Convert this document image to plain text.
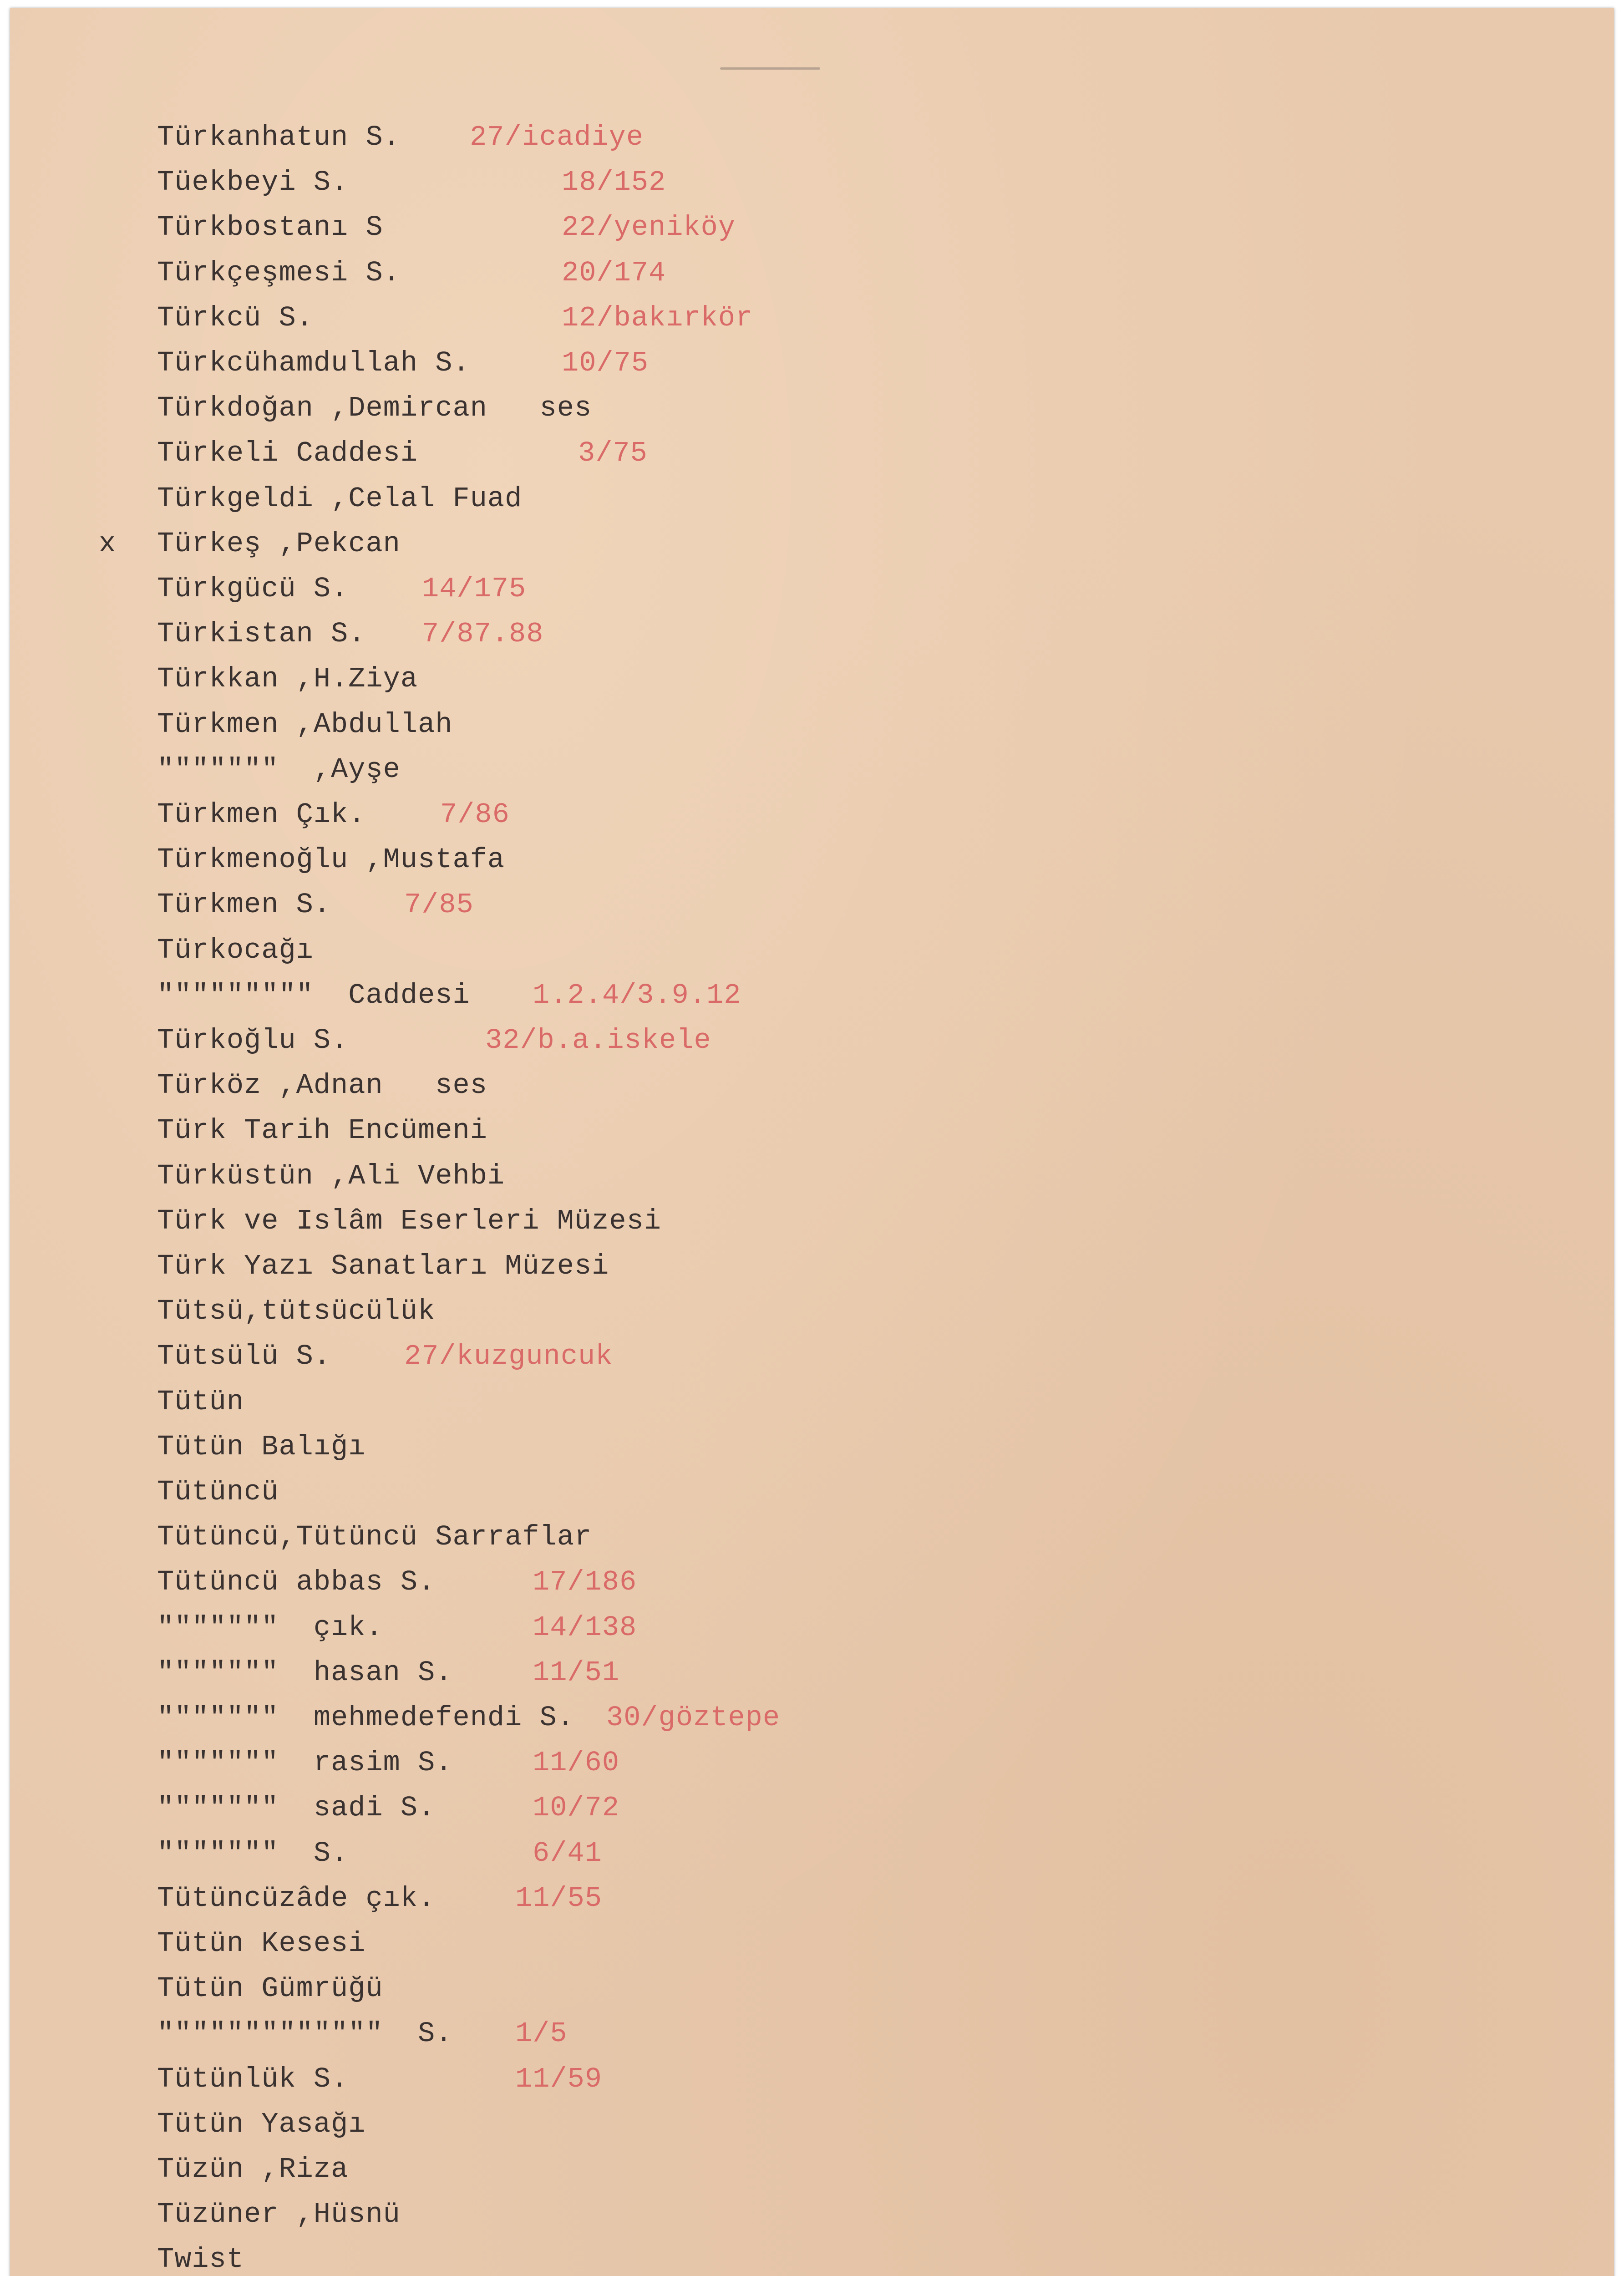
Türkanhatun S. 27/icadiye
Tüekbeyi S.	18/152
Türkbostanı S	22/yeniköy
Türkçeşmesi S.	20/174
Türkcü S.	12/bakırkör
Türkcühamdullah S.	10/75
Türkdoğan ,Demircan   ses
Türkeli Caddesi	3/75
Türkgeldi ,Celal Fuad
x Türkeş ,Pekcan
Türkgücü S.	14/175
Türkistan S. 7/87.88
Türkkan ,H.Ziya
Türkmen ,Abdullah
"""""""  ,Ayşe
Türkmen Çık.	7/86
Türkmenoğlu ,Mustafa
Türkmen S.	7/85
Türkocağı
"""""""""  Caddesi 1.2.4/3.9.12
Türkoğlu S.	32/b.a.iskele
Türköz ,Adnan   ses
Türk Tarih Encümeni
Türküstün ,Ali Vehbi
Türk ve Islâm Eserleri Müzesi
Türk Yazı Sanatları Müzesi
Tütsü,tütsücülük
Tütsülü S.	27/kuzguncuk
Tütün
Tütün Balığı
Tütüncü
Tütüncü,Tütüncü Sarraflar
Tütüncü abbas S.	17/186
"""""""  çık.	14/138
"""""""  hasan S.	11/51
"""""""  mehmedefendi S. 30/göztepe
"""""""  rasim S.	11/60
"""""""  sadi S.	10/72
"""""""  S.	6/41
Tütüncüzâde çık.	11/55
Tütün Kesesi
Tütün Gümrüğü
"""""""""""""  S. 1/5
Tütünlük S.	11/59
Tütün Yasağı
Tüzün ,Riza
Tüzüner ,Hüsnü
Twist
